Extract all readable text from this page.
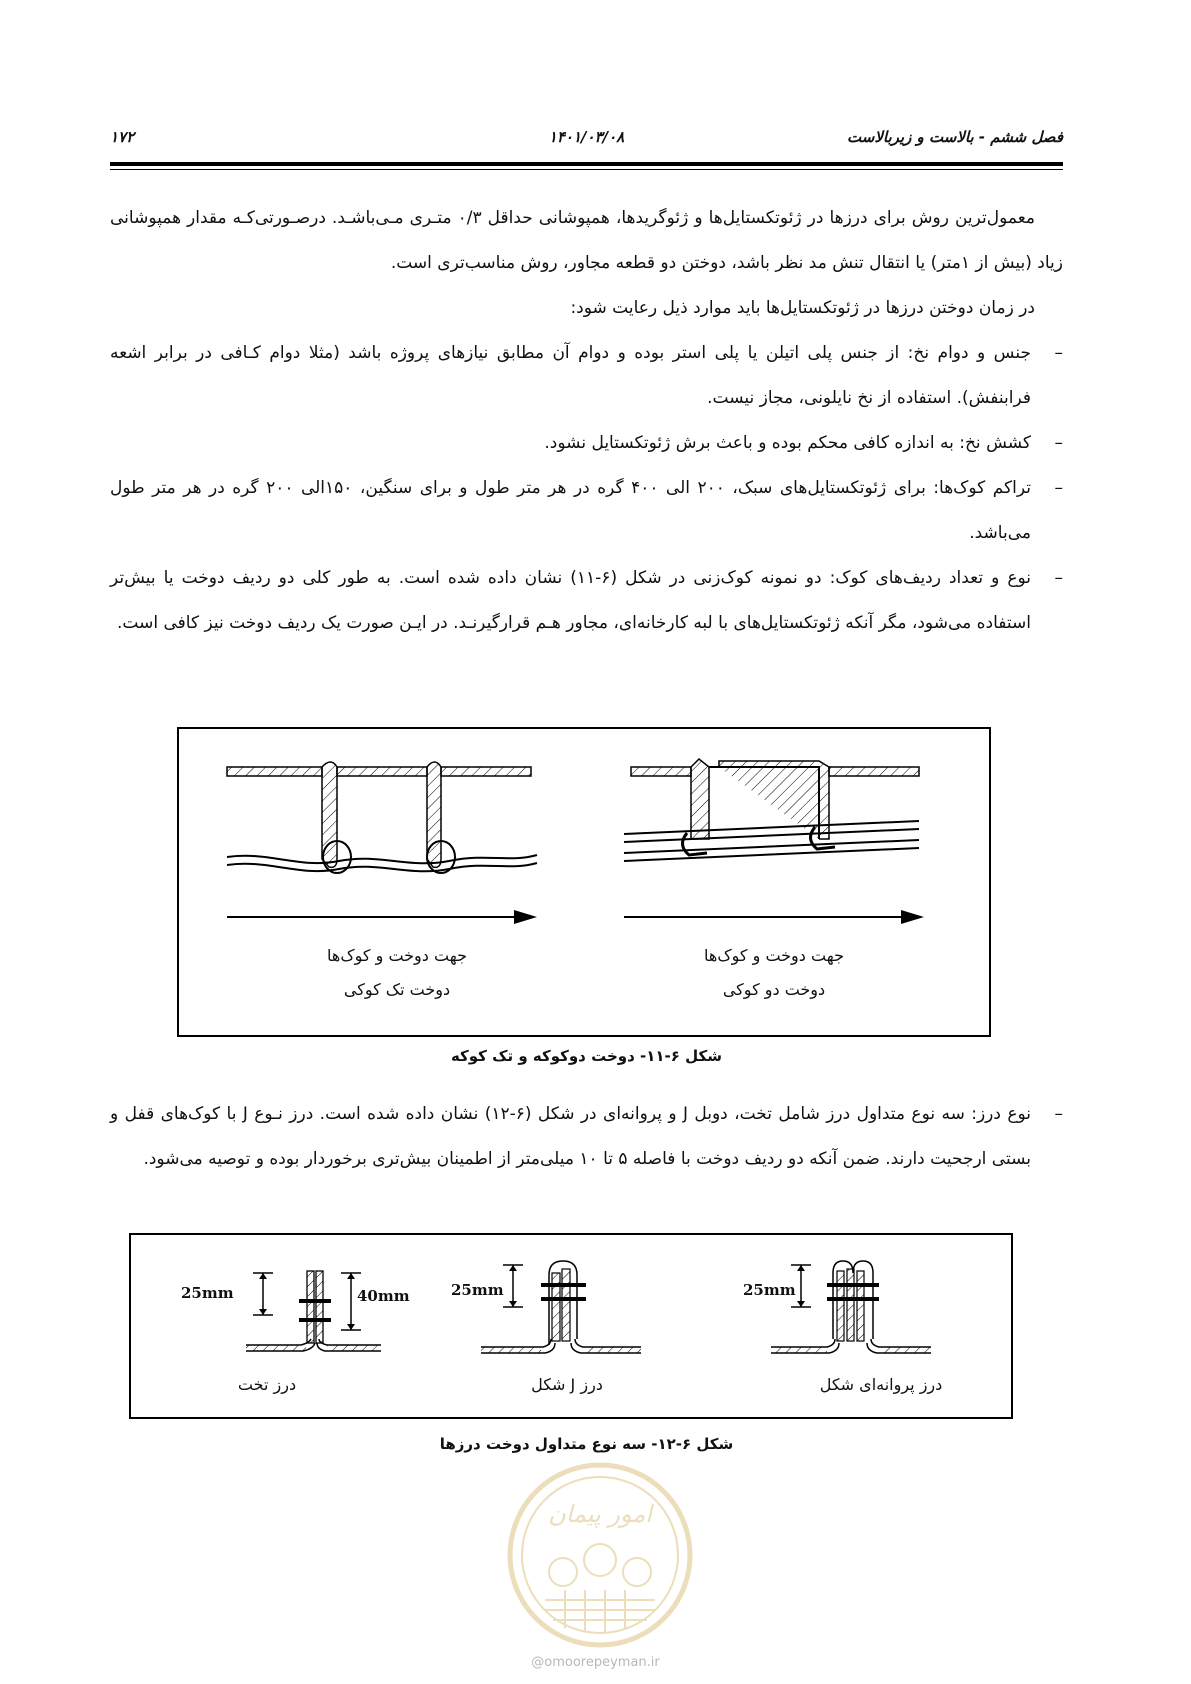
فصل ششم - بالاست و زیربالاست
۱۴۰۱/۰۳/۰۸
۱۷۲

معمول‌ترین روش برای درزها در ژئوتکستایل‌ها و ژئوگریدها، همپوشانی حداقل ۰/۳ متـری مـی‌باشـد. درصـورتی‌کـه مقدار همپوشانی زیاد (بیش از ۱متر) یا انتقال تنش مد نظر باشد، دوختن دو قطعه مجاور، روش مناسب‌تری است.

در زمان دوختن درزها در ژئوتکستایل‌ها باید موارد ذیل رعایت شود:

–
جنس و دوام نخ: از جنس پلی اتیلن یا پلی استر بوده و دوام آن مطابق نیازهای پروژه باشد (مثلا دوام کـافی در برابر اشعه فرابنفش). استفاده از نخ نایلونی، مجاز نیست.

–
کشش نخ: به اندازه کافی محکم بوده و باعث برش ژئوتکستایل نشود.

–
تراکم کوک‌ها: برای ژئوتکستایل‌های سبک، ۲۰۰ الی ۴۰۰ گره در هر متر طول و برای سنگین، ۱۵۰الی ۲۰۰ گره در هر متر طول می‌باشد.

–
نوع و تعداد ردیف‌های کوک: دو نمونه کوک‌زنی در شکل (۶-۱۱) نشان داده شده است. به طور کلی دو ردیف دوخت یا بیش‌تر استفاده می‌شود، مگر آنکه ژئوتکستایل‌های با لبه کارخانه‌ای، مجاور هـم قرارگیرنـد. در ایـن صورت یک ردیف دوخت نیز کافی است.

جهت دوخت و کوک‌ها
دوخت تک کوکی
جهت دوخت و کوک‌ها
دوخت دو کوکی
شکل ۶-۱۱- دوخت دوکوکه و تک کوکه

–
نوع درز: سه نوع متداول درز شامل تخت، دوبل J و پروانه‌ای در شکل (۶-۱۲) نشان داده شده است. درز نـوع J با کوک‌های قفل و بستی ارجحیت دارند. ضمن آنکه دو ردیف دوخت با فاصله ۵ تا ۱۰ میلی‌متر از اطمینان بیش‌تری برخوردار بوده و توصیه می‌شود.

25mm	40mm	25mm	25mm
درز تخت	درز J شکل	درز پروانه‌ای شکل
شکل ۶-۱۲- سه نوع متداول دوخت درزها
امور پیمان
@omoorepeyman.ir
